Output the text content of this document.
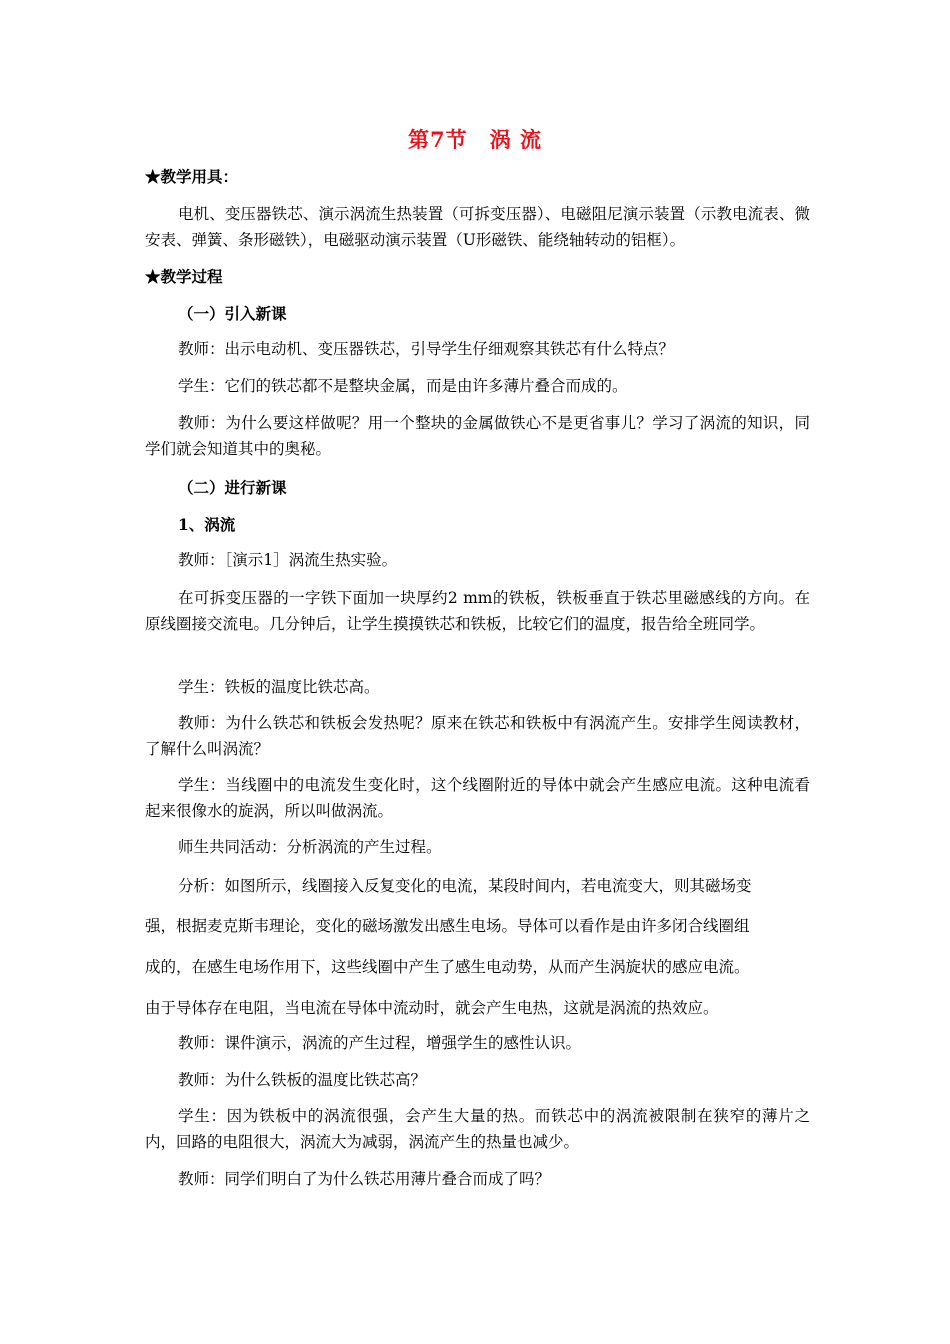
第7节　涡 流
★教学用具：
电机、变压器铁芯、演示涡流生热装置（可拆变压器）、电磁阻尼演示装置（示教电流表、微安表、弹簧、条形磁铁），电磁驱动演示装置（U形磁铁、能绕轴转动的铝框）。
★教学过程
（一）引入新课
教师：出示电动机、变压器铁芯，引导学生仔细观察其铁芯有什么特点？
学生：它们的铁芯都不是整块金属，而是由许多薄片叠合而成的。
教师：为什么要这样做呢？用一个整块的金属做铁心不是更省事儿？学习了涡流的知识，同学们就会知道其中的奥秘。
（二）进行新课
1、涡流
教师：［演示1］涡流生热实验。
在可拆变压器的一字铁下面加一块厚约2 mm的铁板，铁板垂直于铁芯里磁感线的方向。在原线圈接交流电。几分钟后，让学生摸摸铁芯和铁板，比较它们的温度，报告给全班同学。
学生：铁板的温度比铁芯高。
教师：为什么铁芯和铁板会发热呢？原来在铁芯和铁板中有涡流产生。安排学生阅读教材，了解什么叫涡流？
学生：当线圈中的电流发生变化时，这个线圈附近的导体中就会产生感应电流。这种电流看起来很像水的旋涡，所以叫做涡流。
师生共同活动：分析涡流的产生过程。
分析：如图所示，线圈接入反复变化的电流，某段时间内，若电流变大，则其磁场变
强，根据麦克斯韦理论，变化的磁场激发出感生电场。导体可以看作是由许多闭合线圈组
成的，在感生电场作用下，这些线圈中产生了感生电动势，从而产生涡旋状的感应电流。
由于导体存在电阻，当电流在导体中流动时，就会产生电热，这就是涡流的热效应。
教师：课件演示，涡流的产生过程，增强学生的感性认识。
教师：为什么铁板的温度比铁芯高？
学生：因为铁板中的涡流很强，会产生大量的热。而铁芯中的涡流被限制在狭窄的薄片之内，回路的电阻很大，涡流大为减弱，涡流产生的热量也减少。
教师：同学们明白了为什么铁芯用薄片叠合而成了吗？
